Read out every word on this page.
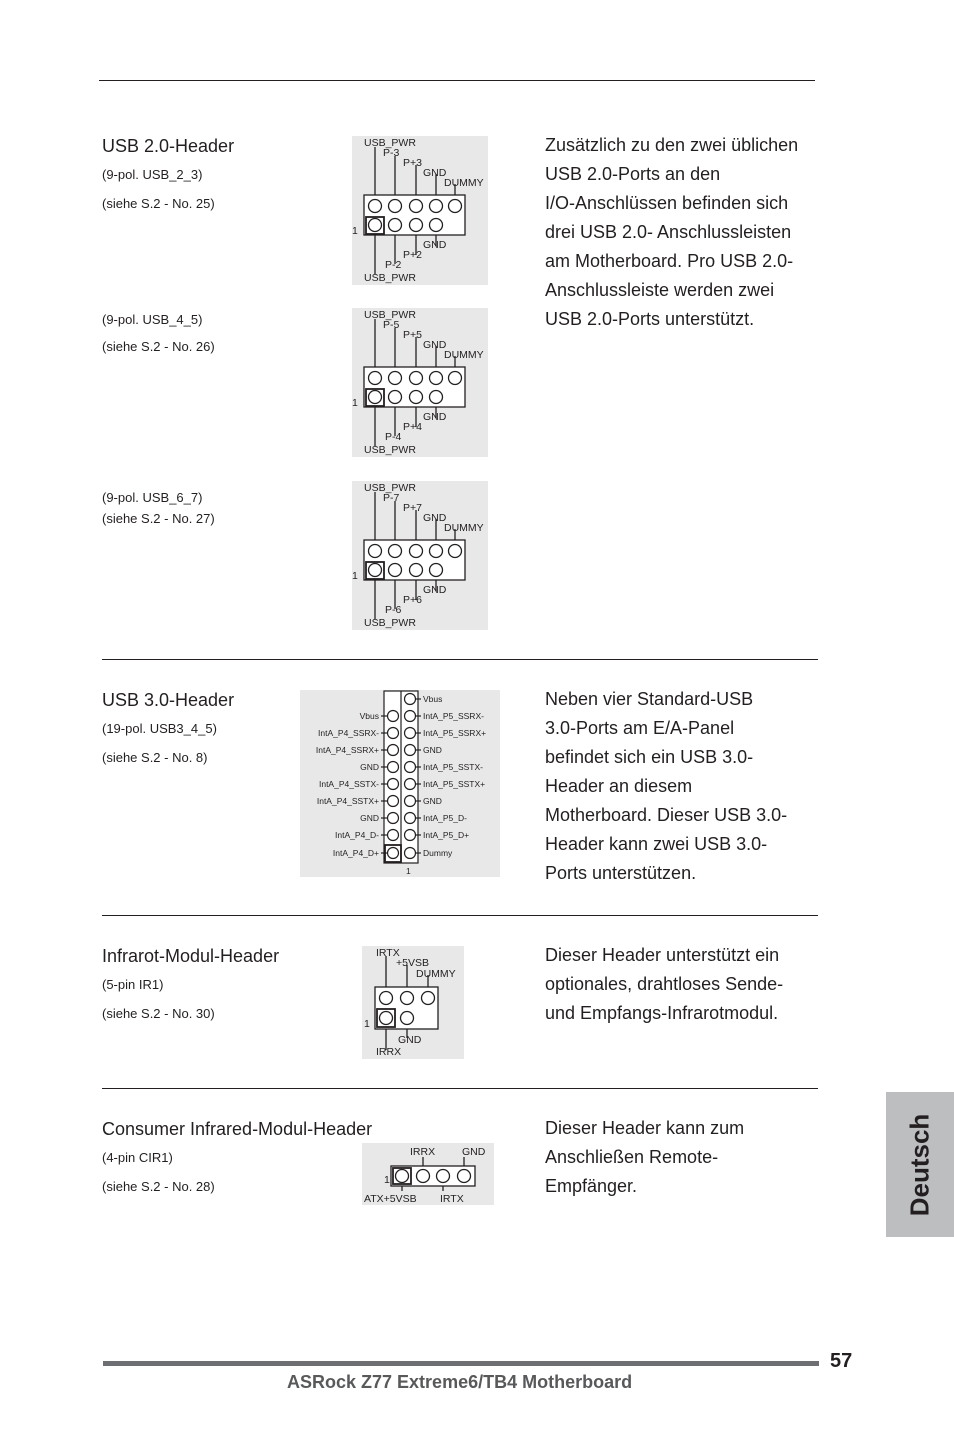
USB 2.0-Header
(9-pol. USB_2_3)
(siehe S.2 - No. 25)
(9-pol. USB_4_5)
(siehe S.2 - No. 26)
(9-pol. USB_6_7)
(siehe S.2 - No. 27)
Zusätzlich zu den zwei üblichen
USB 2.0-Ports an den
I/O-Anschlüssen befinden sich
drei USB 2.0- Anschlussleisten
am Motherboard. Pro USB 2.0-
Anschlussleiste werden zwei
USB 2.0-Ports unterstützt.
USB_PWR
P-3
P+3
GND
DUMMY
GND
P+2
P-2
USB_PWR
1
USB_PWR
P-5
P+5
GND
DUMMY
GND
P+4
P-4
USB_PWR
1
USB_PWR
P-7
P+7
GND
DUMMY
GND
P+6
P-6
USB_PWR
1
USB 3.0-Header
(19-pol. USB3_4_5)
(siehe S.2 - No. 8)
Neben vier Standard-USB
3.0-Ports am E/A-Panel
befindet sich ein USB 3.0-
Header an diesem
Motherboard. Dieser USB 3.0-
Header kann zwei USB 3.0-
Ports unterstützen.
Vbus
IntA_P4_SSRX-
IntA_P4_SSRX+
GND
IntA_P4_SSTX-
IntA_P4_SSTX+
GND
IntA_P4_D-
IntA_P4_D+
Vbus
IntA_P5_SSRX-
IntA_P5_SSRX+
GND
IntA_P5_SSTX-
IntA_P5_SSTX+
GND
IntA_P5_D-
IntA_P5_D+
Dummy
1
Infrarot-Modul-Header
(5-pin IR1)
(siehe S.2 - No. 30)
Dieser Header unterstützt ein
optionales, drahtloses Sende-
und Empfangs-Infrarotmodul.
IRTX
+5VSB
DUMMY
GND
IRRX
1
Consumer Infrared-Modul-Header
(4-pin CIR1)
(siehe S.2 - No. 28)
Dieser Header kann zum
Anschließen Remote-
Empfänger.
IRRX	GND
ATX+5VSB IRTX
1	Deutsch
57
ASRock Z77 Extreme6/TB4 Motherboard
